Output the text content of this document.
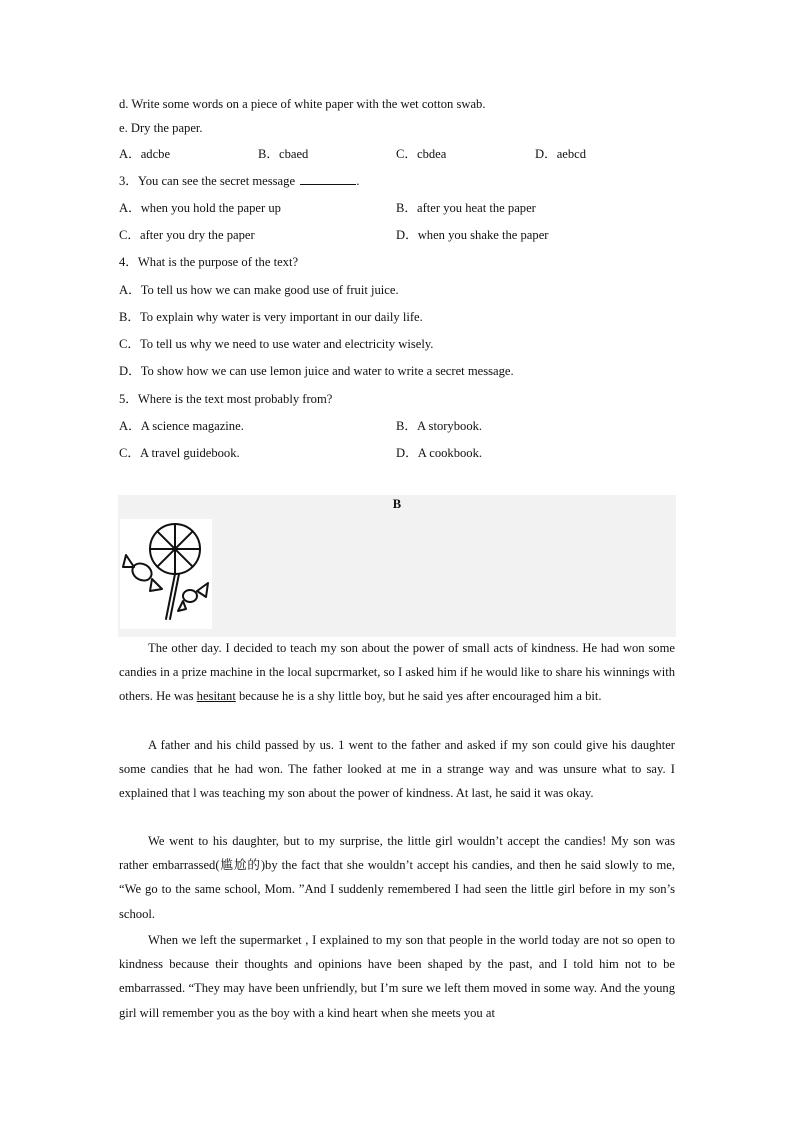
d. Write some words on a piece of white paper with the wet cotton swab.
e. Dry the paper.
A．adcbe	B．cbaed	C．cbdea	D．aebcd
3．You can see the secret message	.
A．when you hold the paper up	B．after you heat the paper
C．after you dry the paper	D．when you shake the paper
4．What is the purpose of the text?
A．To tell us how we can make good use of fruit juice.
B．To explain why water is very important in our daily life.
C．To tell us why we need to use water and electricity wisely.
D．To show how we can use lemon juice and water to write a secret message.
5．Where is the text most probably from?
A．A science magazine.	B．A storybook.
C．A travel guidebook.	D．A cookbook.
B

The other day. I decided to teach my son about the power of small acts of kindness. He had won some candies in a prize machine in the local supcrmarket, so I asked him if he would like to share his winnings with others. He was hesitant because he is a shy little boy, but he said yes after encouraged him a bit.

A father and his child passed by us. 1 went to the father and asked if my son could give his daughter some candies that he had won. The father looked at me in a strange way and was unsure what to say. I explained that l was teaching my son about the power of kindness. At last, he said it was okay.

We went to his daughter, but to my surprise, the little girl wouldn’t accept the candies! My son was rather embarrassed(尴尬的)by the fact that she wouldn’t accept his candies, and then he said slowly to me, “We go to the same school, Mom. ”And I suddenly remembered I had seen the little girl before in my son’s school.

When we left the supermarket , I explained to my son that people in the world today are not so open to kindness because their thoughts and opinions have been shaped by the past, and I told him not to be embarrassed. “They may have been unfriendly, but I’m sure we left them moved in some way. And the young girl will remember you as the boy with a kind heart when she meets you at
